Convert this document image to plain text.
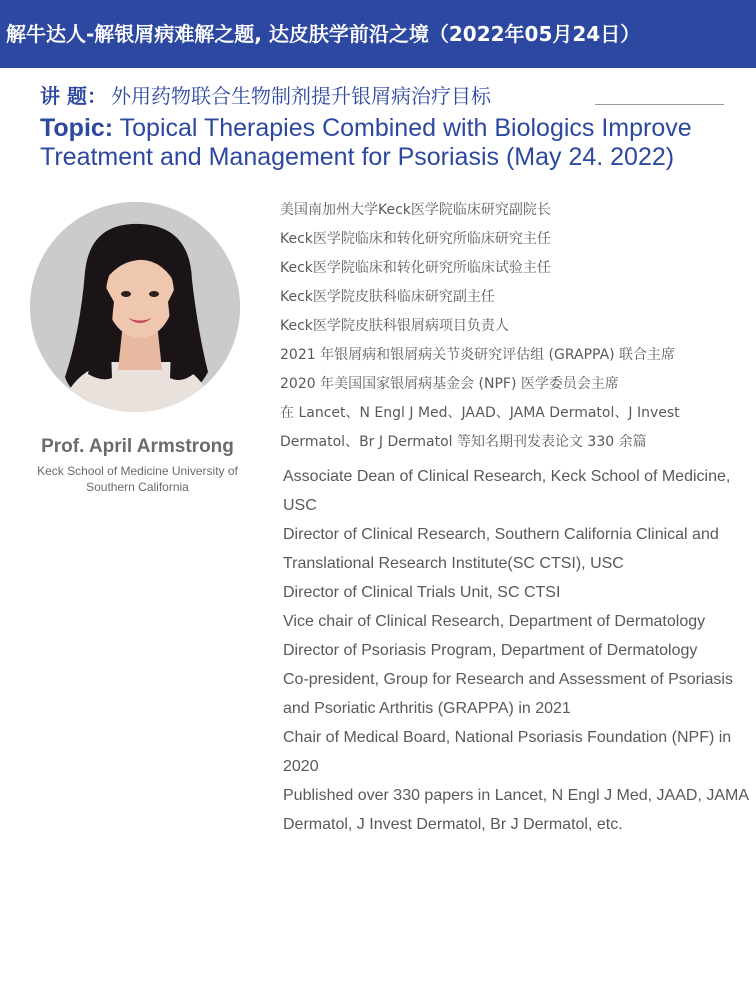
解牛达人-解银屑病难解之题, 达皮肤学前沿之境（2022年05月24日）
讲 题： 外用药物联合生物制剂提升银屑病治疗目标
Topic: Topical Therapies Combined with Biologics Improve Treatment and Management for Psoriasis (May 24. 2022)
Prof. April Armstrong
Keck School of Medicine University of
Southern California
美国南加州大学Keck医学院临床研究副院长
Keck医学院临床和转化研究所临床研究主任
Keck医学院临床和转化研究所临床试验主任
Keck医学院皮肤科临床研究副主任
Keck医学院皮肤科银屑病项目负责人
2021 年银屑病和银屑病关节炎研究评估组 (GRAPPA) 联合主席
2020 年美国国家银屑病基金会 (NPF) 医学委员会主席
在 Lancet、N Engl J Med、JAAD、JAMA Dermatol、J Invest Dermatol、Br J Dermatol 等知名期刊发表论文 330 余篇
Associate Dean of Clinical Research, Keck School of Medicine, USC
Director of Clinical Research, Southern California Clinical and Translational Research Institute(SC CTSI), USC
Director of Clinical Trials Unit, SC CTSI
Vice chair of Clinical Research, Department of Dermatology
Director of Psoriasis Program, Department of Dermatology
Co-president, Group for Research and Assessment of Psoriasis and Psoriatic Arthritis (GRAPPA) in 2021
Chair of Medical Board, National Psoriasis Foundation (NPF) in 2020
Published over 330 papers in Lancet, N Engl J Med, JAAD, JAMA Dermatol, J Invest Dermatol, Br J Dermatol, etc.
